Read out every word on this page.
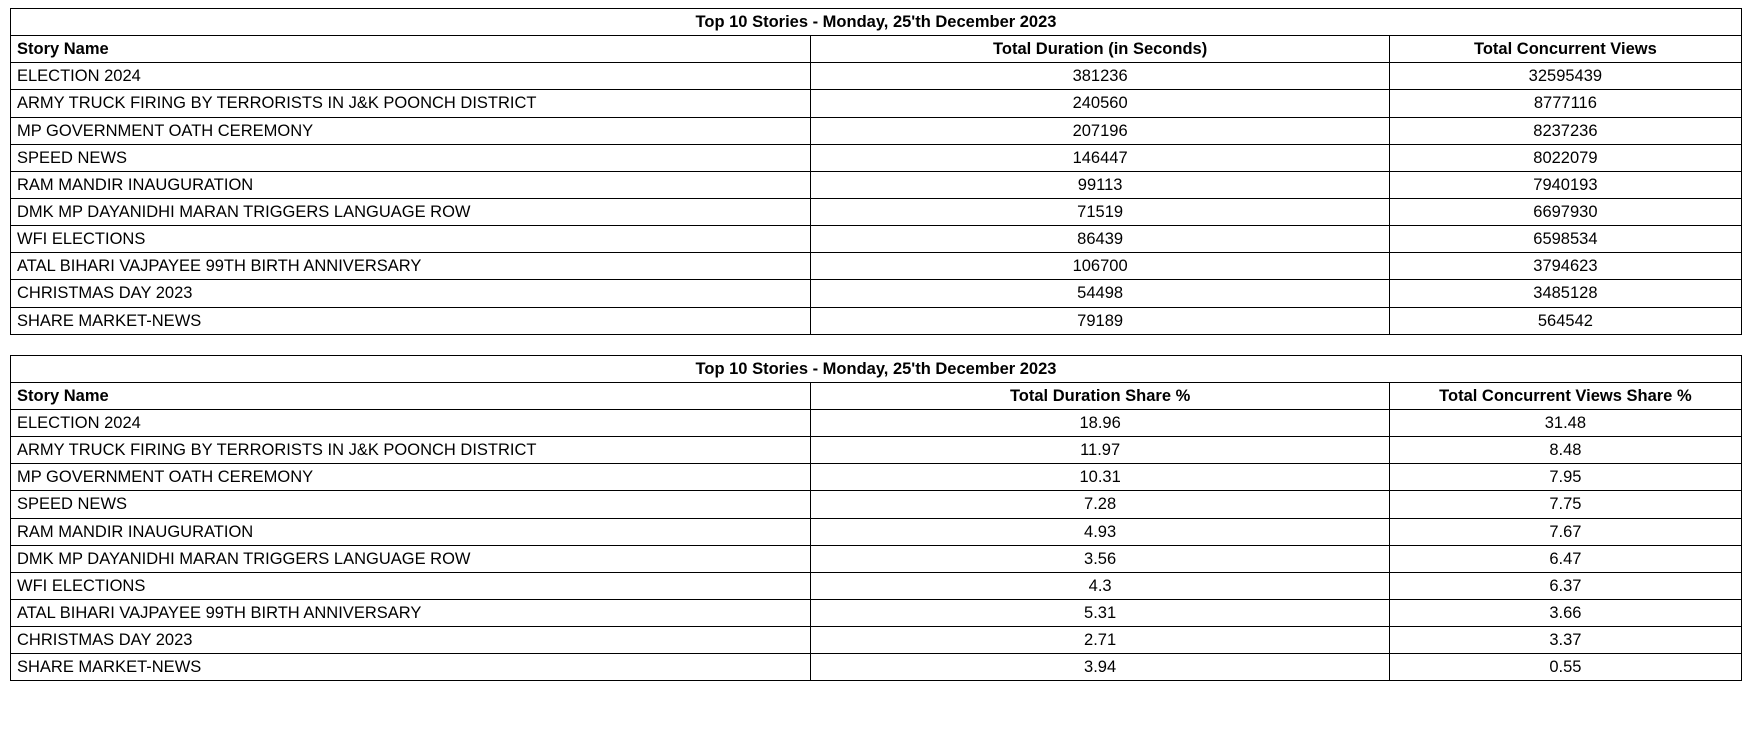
Top 10 Stories - Monday, 25'th December 2023		
Story Name	Total Duration (in Seconds)	Total Concurrent Views
ELECTION 2024	381236	32595439
ARMY TRUCK FIRING BY TERRORISTS IN J&K POONCH DISTRICT	240560	8777116
MP GOVERNMENT OATH CEREMONY	207196	8237236
SPEED NEWS	146447	8022079
RAM MANDIR INAUGURATION	99113	7940193
DMK MP DAYANIDHI MARAN TRIGGERS LANGUAGE ROW	71519	6697930
WFI ELECTIONS	86439	6598534
ATAL BIHARI VAJPAYEE 99TH BIRTH ANNIVERSARY	106700	3794623
CHRISTMAS DAY 2023	54498	3485128
SHARE MARKET-NEWS	79189	564542
Top 10 Stories - Monday, 25'th December 2023		
Story Name	Total Duration Share %	Total Concurrent Views Share %
ELECTION 2024	18.96	31.48
ARMY TRUCK FIRING BY TERRORISTS IN J&K POONCH DISTRICT	11.97	8.48
MP GOVERNMENT OATH CEREMONY	10.31	7.95
SPEED NEWS	7.28	7.75
RAM MANDIR INAUGURATION	4.93	7.67
DMK MP DAYANIDHI MARAN TRIGGERS LANGUAGE ROW	3.56	6.47
WFI ELECTIONS	4.3	6.37
ATAL BIHARI VAJPAYEE 99TH BIRTH ANNIVERSARY	5.31	3.66
CHRISTMAS DAY 2023	2.71	3.37
SHARE MARKET-NEWS	3.94	0.55
